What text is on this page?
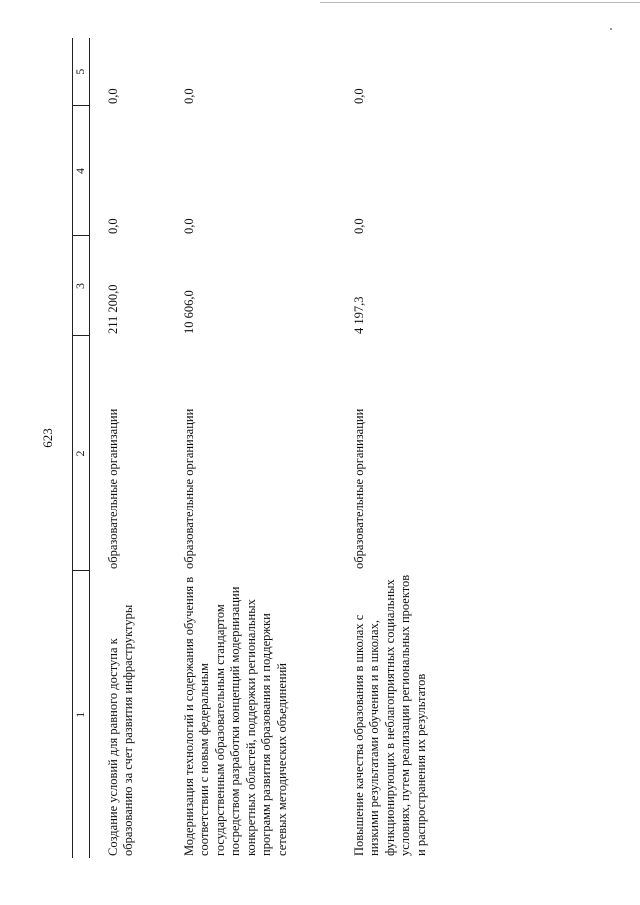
623
1	2	3	4	5
Создание условий для равного доступа к образованию за счет развития инфраструктуры	образовательные организации	211 200,0	0,0	0,0
Модернизация технологий и содержания обучения в соответствии с новым федеральным государственным образовательным стандартом посредством разработки концепций модернизации конкретных областей, поддержки региональных программ развития образования и поддержки сетевых методических объединений	образовательные организации	10 606,0	0,0	0,0
Повышение качества образования в школах с низкими результатами обучения и в школах, функционирующих в неблагоприятных социальных условиях, путем реализации региональных проектов и распространения их результатов	образовательные организации	4 197,3	0,0	0,0
